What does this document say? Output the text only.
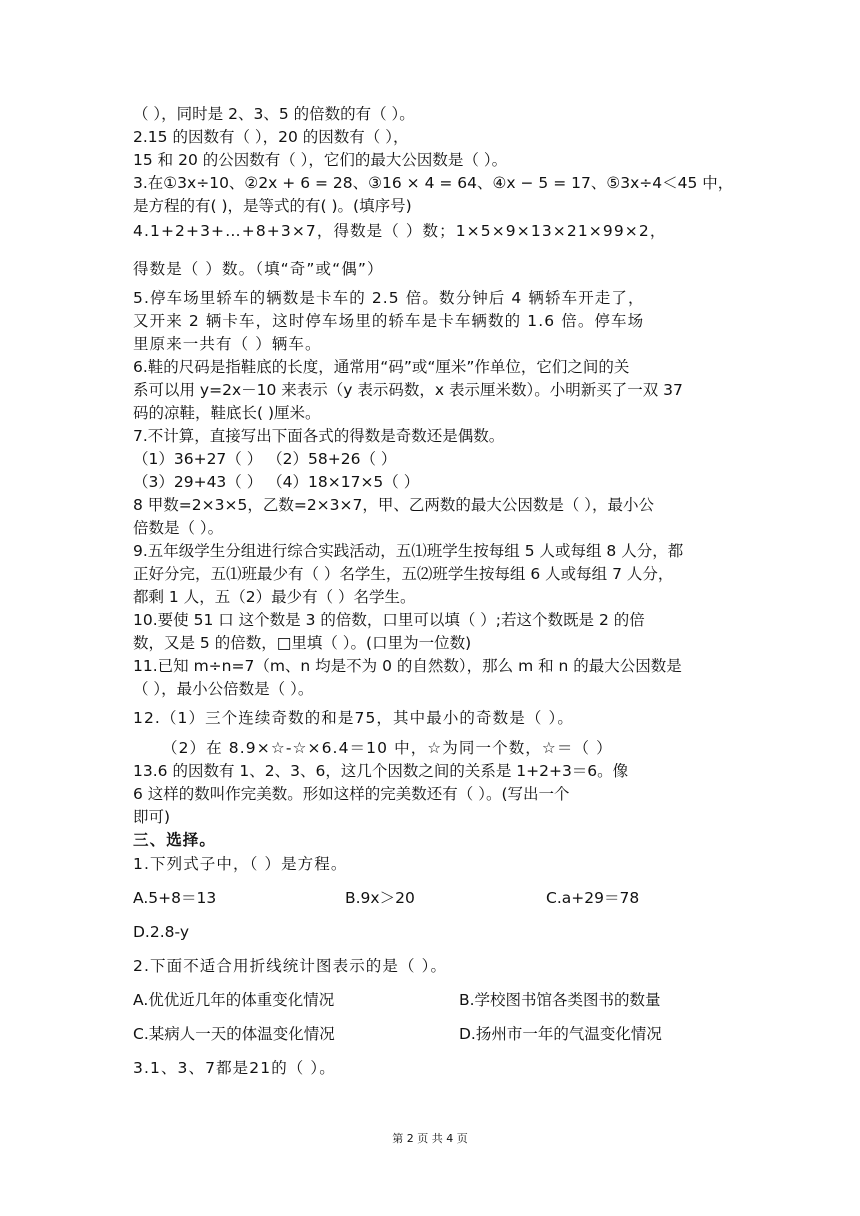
（ ），同时是 2、3、5 的倍数的有（ ）。
2.15 的因数有（ ），20 的因数有（ ），
15 和 20 的公因数有（ ），它们的最大公因数是（ ）。
3.在①3x÷10、②2x + 6 = 28、③16 × 4 = 64、④x − 5 = 17、⑤3x÷4＜45 中，
是方程的有( )，是等式的有( )。(填序号)
4.1+2+3+…+8+3×7，得数是（ ）数；1×5×9×13×21×99×2，
得数是（ ）数。（填“奇”或“偶”）
5.停车场里轿车的辆数是卡车的 2.5 倍。数分钟后 4 辆轿车开走了，
又开来 2 辆卡车，这时停车场里的轿车是卡车辆数的 1.6 倍。停车场
里原来一共有（ ）辆车。
6.鞋的尺码是指鞋底的长度，通常用“码”或“厘米”作单位，它们之间的关
系可以用 y=2x－10 来表示（y 表示码数，x 表示厘米数）。小明新买了一双 37
码的凉鞋，鞋底长( )厘米。
7.不计算，直接写出下面各式的得数是奇数还是偶数。
（1）36+27（ ） （2）58+26（ ）
（3）29+43（ ） （4）18×17×5（ ）
8 甲数=2×3×5，乙数=2×3×7，甲、乙两数的最大公因数是（ ），最小公
倍数是（ ）。
9.五年级学生分组进行综合实践活动，五⑴班学生按每组 5 人或每组 8 人分，都
正好分完，五⑴班最少有（ ）名学生，五⑵班学生按每组 6 人或每组 7 人分，
都剩 1 人，五（2）最少有（ ）名学生。
10.要使 51 口 这个数是 3 的倍数，口里可以填（ ）;若这个数既是 2 的倍
数，又是 5 的倍数，□里填（ ）。(口里为一位数)
11.已知 m÷n=7（m、n 均是不为 0 的自然数），那么 m 和 n 的最大公因数是
（ ），最小公倍数是（ ）。
12.（1）三个连续奇数的和是75，其中最小的奇数是（ ）。
（2）在 8.9×☆-☆×6.4＝10 中，☆为同一个数，☆＝（ ）
13.6 的因数有 1、2、3、6，这几个因数之间的关系是 1+2+3＝6。像
6 这样的数叫作完美数。形如这样的完美数还有（ ）。(写出一个
即可)
三、选择。
1.下列式子中，（ ）是方程。
A.5+8＝13	B.9x＞20	C.a+29＝78
D.2.8-y
2.下面不适合用折线统计图表示的是（ ）。
A.优优近几年的体重变化情况	B.学校图书馆各类图书的数量
C.某病人一天的体温变化情况	D.扬州市一年的气温变化情况
3.1、3、7都是21的（ ）。
第 2 页 共 4 页
